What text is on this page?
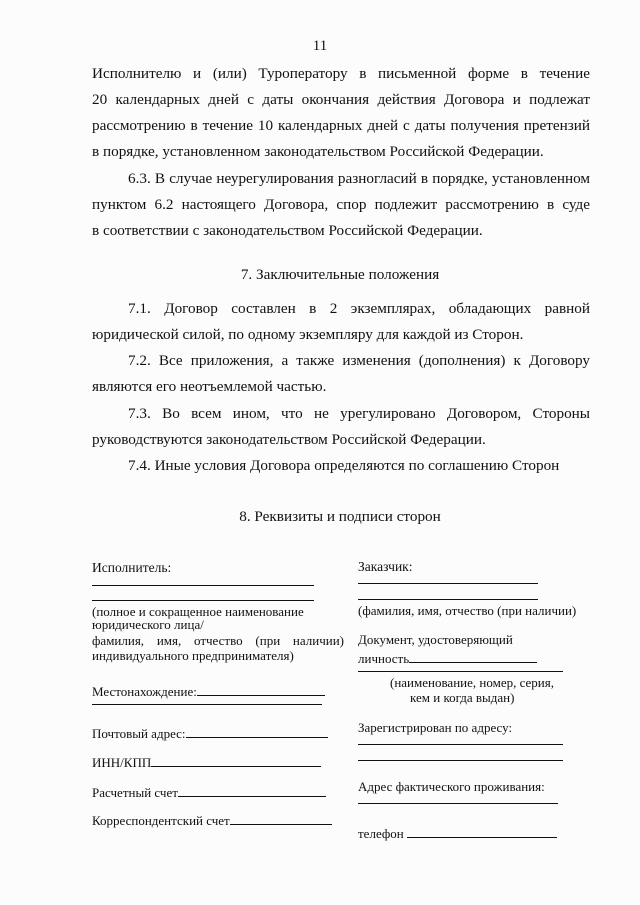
11
Исполнителю и (или) Туроператору в письменной форме в течение
20 календарных дней с даты окончания действия Договора и подлежат
рассмотрению в течение 10 календарных дней с даты получения претензий
в порядке, установленном законодательством Российской Федерации.
6.3. В случае неурегулирования разногласий в порядке, установленном
пунктом 6.2 настоящего Договора, спор подлежит рассмотрению в суде
в соответствии с законодательством Российской Федерации.
7. Заключительные положения
7.1. Договор составлен в 2 экземплярах, обладающих равной
юридической силой, по одному экземпляру для каждой из Сторон.
7.2. Все приложения, а также изменения (дополнения) к Договору
являются его неотъемлемой частью.
7.3. Во всем ином, что не урегулировано Договором, Стороны
руководствуются законодательством Российской Федерации.
7.4. Иные условия Договора определяются по соглашению Сторон
8. Реквизиты и подписи сторон
Исполнитель:
(полное и сокращенное наименование
юридического лица/
фамилия, имя, отчество (при наличии)
индивидуального предпринимателя)
Местонахождение:
Почтовый адрес:
ИНН/КПП
Расчетный счет
Корреспондентский счет
Заказчик:
(фамилия, имя, отчество (при наличии)
Документ, удостоверяющий
личность
(наименование, номер, серия,
кем и когда выдан)
Зарегистрирован по адресу:
Адрес фактического проживания:
телефон
